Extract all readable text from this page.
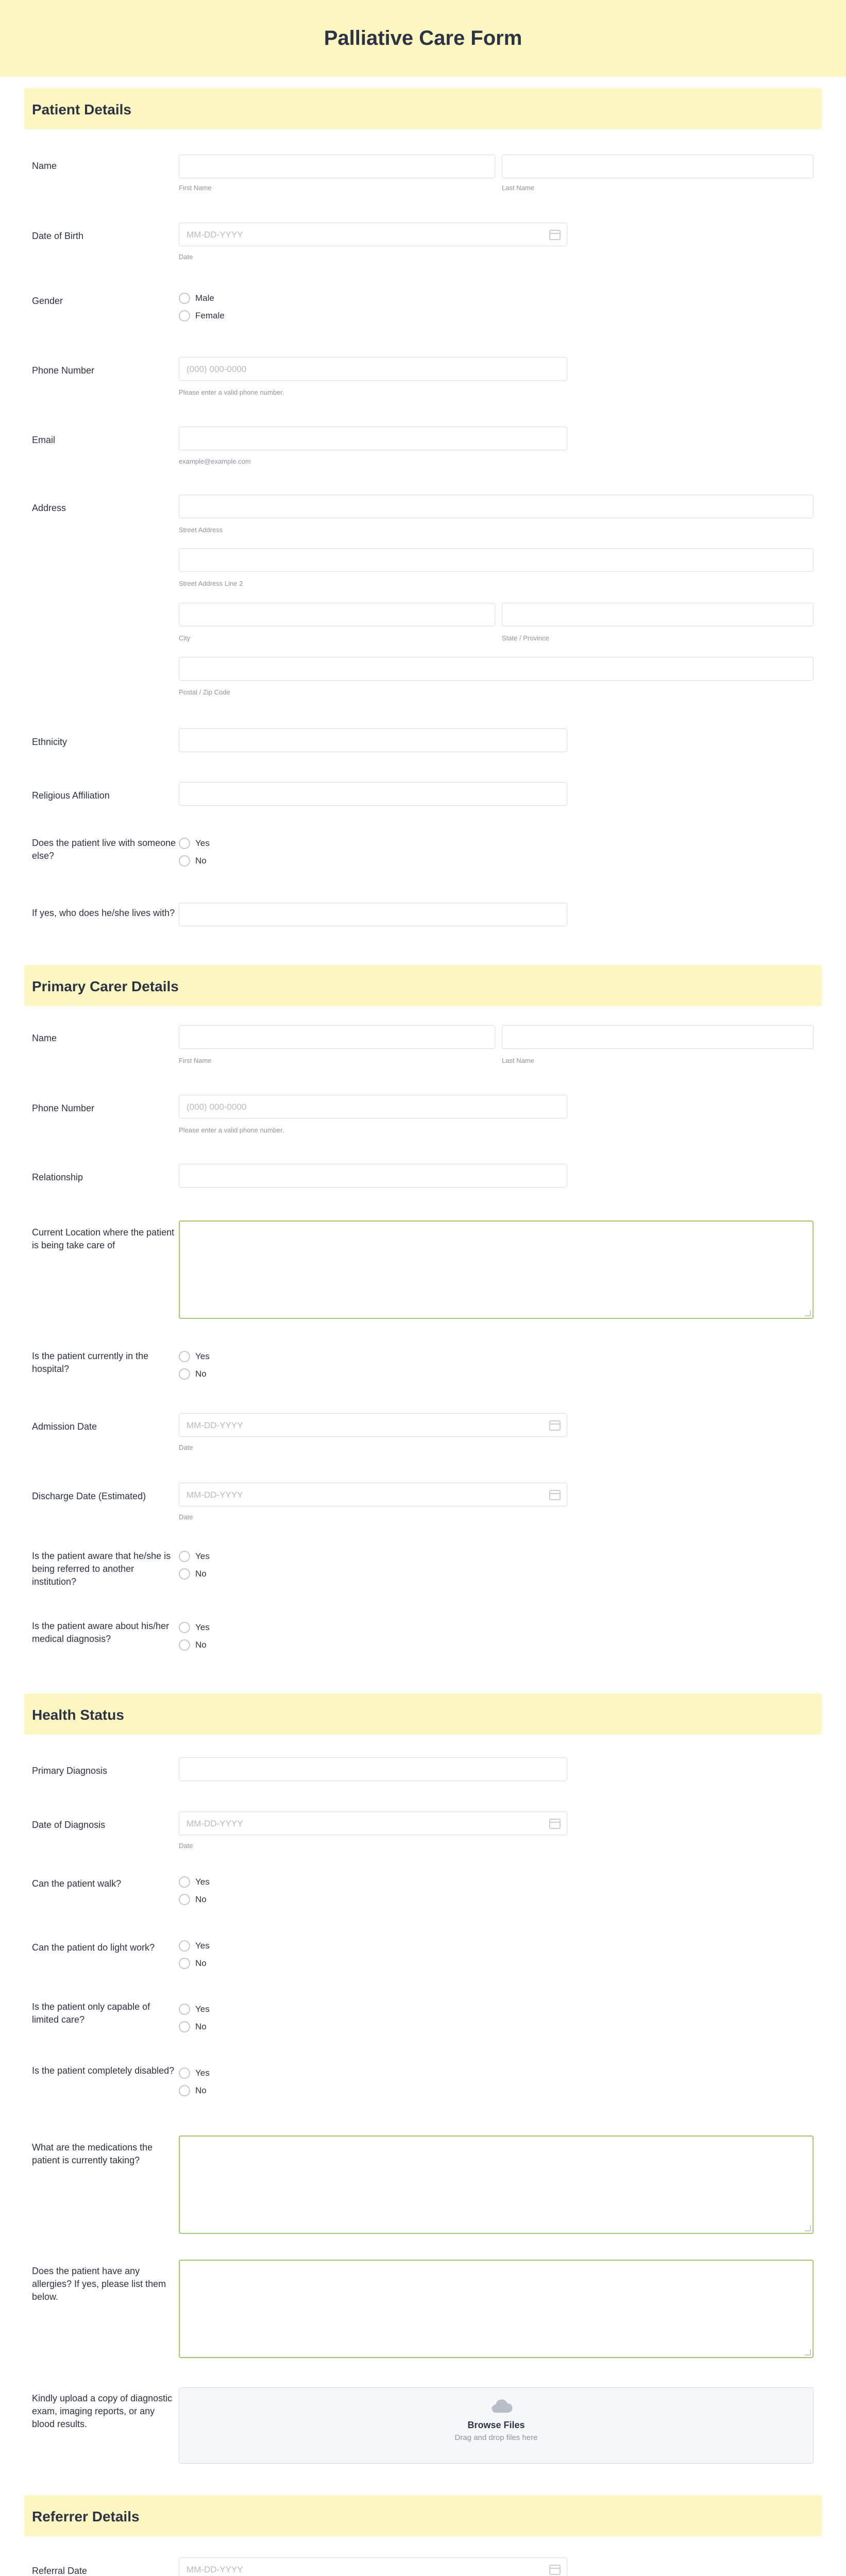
Palliative Care Form
Patient Details
Name
First Name	Last Name
Date of Birth	MM-DD-YYYY
Date
Gender	Male
Female
Phone Number	(000) 000-0000
Please enter a valid phone number.
Email
example@example.com
Address
Street Address
Street Address Line 2
City	State / Province
Postal / Zip Code
Ethnicity
Religious Affiliation
Does the patient live with someone else?
Yes
No
If yes, who does he/she lives with?
Primary Carer Details
Name
First Name	Last Name
Phone Number	(000) 000-0000
Please enter a valid phone number.
Relationship
Current Location where the patient is being take care of
Is the patient currently in the hospital?
Yes
No
Admission Date	MM-DD-YYYY
Date
Discharge Date (Estimated)	MM-DD-YYYY
Date
Is the patient aware that he/she is being referred to another institution?
Yes
No
Is the patient aware about his/her medical diagnosis?
Yes
No
Health Status
Primary Diagnosis
Date of Diagnosis	MM-DD-YYYY
Date
Can the patient walk?	Yes
No
Can the patient do light work?	Yes
No
Is the patient only capable of limited care?
Yes
No
Is the patient completely disabled? Yes
No
What are the medications the patient is currently taking?
Does the patient have any allergies? If yes, please list them below.
Kindly upload a copy of diagnostic exam, imaging reports, or any blood results.	Browse Files
Drag and drop files here
Referrer Details
Referral Date	MM-DD-YYYY
